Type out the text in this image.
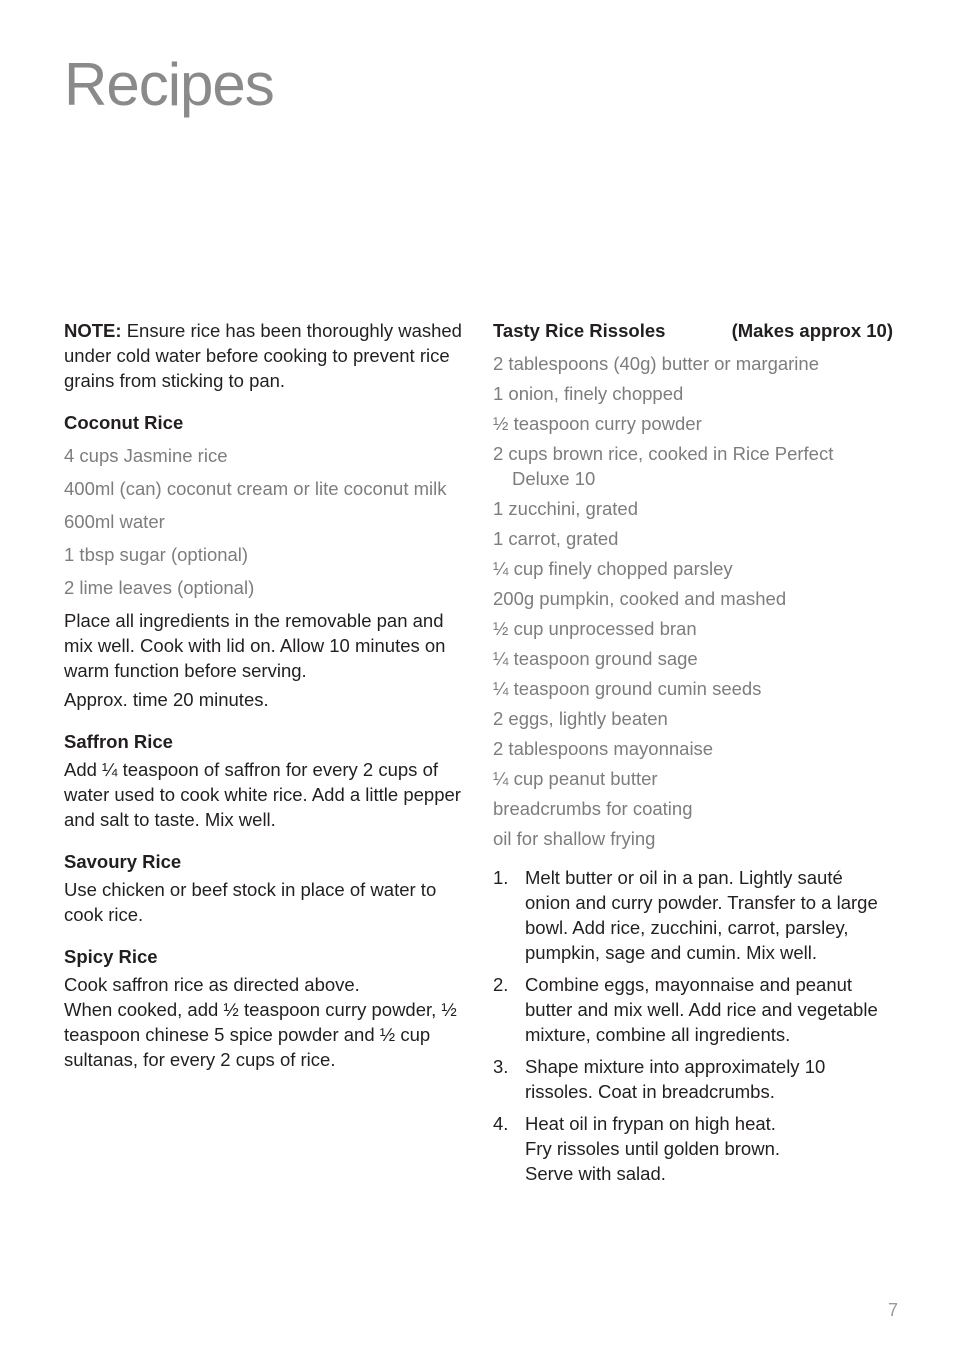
Recipes

NOTE: Ensure rice has been thoroughly washed under cold water before cooking to prevent rice grains from sticking to pan.

Coconut Rice
4 cups Jasmine rice
400ml (can) coconut cream or lite coconut milk
600ml water
1 tbsp sugar (optional)
2 lime leaves (optional)

Place all ingredients in the removable pan and mix well. Cook with lid on. Allow 10 minutes on warm function before serving.

Approx. time 20 minutes.

Saffron Rice

Add ¼ teaspoon of saffron for every 2 cups of water used to cook white rice. Add a little pepper and salt to taste. Mix well.

Savoury Rice

Use chicken or beef stock in place of water to cook rice.

Spicy Rice

Cook saffron rice as directed above.
When cooked, add ½ teaspoon curry powder, ½ teaspoon chinese 5 spice powder and ½ cup sultanas, for every 2 cups of rice.

Tasty Rice Rissoles	(Makes approx 10)
2 tablespoons (40g) butter or margarine
1 onion, finely chopped
½ teaspoon curry powder
2 cups brown rice, cooked in Rice Perfect Deluxe 10
1 zucchini, grated
1 carrot, grated
¼ cup finely chopped parsley
200g pumpkin, cooked and mashed
½ cup unprocessed bran
¼ teaspoon ground sage
¼ teaspoon ground cumin seeds
2 eggs, lightly beaten
2 tablespoons mayonnaise
¼ cup peanut butter
breadcrumbs for coating
oil for shallow frying
1. Melt butter or oil in a pan. Lightly sauté onion and curry powder. Transfer to a large bowl. Add rice, zucchini, carrot, parsley, pumpkin, sage and cumin. Mix well.
2. Combine eggs, mayonnaise and peanut butter and mix well. Add rice and vegetable mixture, combine all ingredients.
3. Shape mixture into approximately 10 rissoles. Coat in breadcrumbs.
4. Heat oil in frypan on high heat.
Fry rissoles until golden brown.
Serve with salad.
7
